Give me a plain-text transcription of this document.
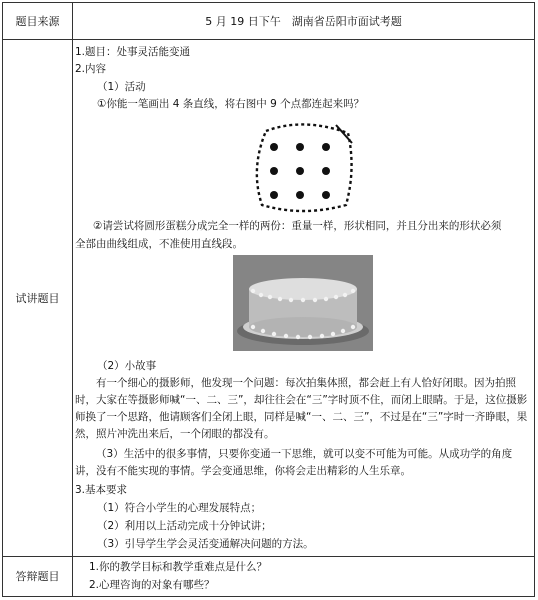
题目来源	5 月 19 日下午　湖南省岳阳市面试考题
试讲题目
1.题目：处事灵活能变通
2.内容
（1）活动
①你能一笔画出 4 条直线，将右图中 9 个点都连起来吗？
②请尝试将圆形蛋糕分成完全一样的两份：重量一样，形状相同，并且分出来的形状必须
全部由曲线组成，不准使用直线段。
（2）小故事
有一个细心的摄影师，他发现一个问题：每次拍集体照，都会赶上有人恰好闭眼。因为拍照时，大家在等摄影师喊“一、二、三”，却往往会在“三”字时顶不住，而闭上眼睛。于是，这位摄影师换了一个思路，他请顾客们全闭上眼，同样是喊“一、二、三”，不过是在“三”字时一齐睁眼，果然，照片冲洗出来后，一个闭眼的都没有。
（3）生活中的很多事情，只要你变通一下思维，就可以变不可能为可能。从成功学的角度讲，没有不能实现的事情。学会变通思维，你将会走出精彩的人生乐章。
3.基本要求
（1）符合小学生的心理发展特点；
（2）利用以上活动完成十分钟试讲；
（3）引导学生学会灵活变通解决问题的方法。
答辩题目
1.你的教学目标和教学重难点是什么？
2.心理咨询的对象有哪些？
